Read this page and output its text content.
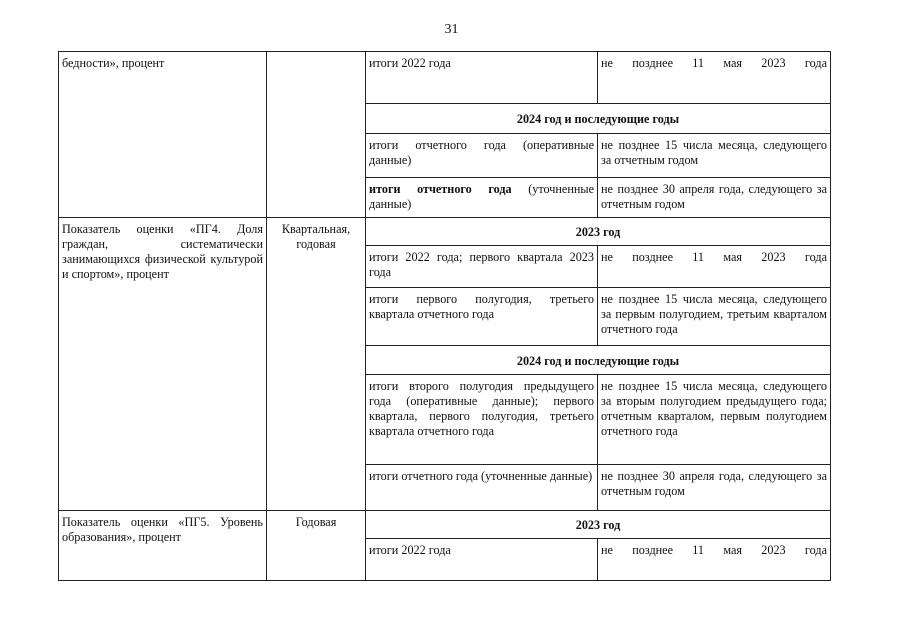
31
бедности», процент		итоги 2022 года	не позднее 11 мая 2023 года
		2024 год и последующие годы	
		итоги отчетного года (оперативные данные)	не позднее 15 числа месяца, следующего за отчетным годом
		итоги отчетного года (уточненные данные)	не позднее 30 апреля года, следующего за отчетным годом
Показатель оценки «ПГ4. Доля граждан, систематически занимающихся физической культурой и спортом», процент	Квартальная, годовая	2023 год	
		итоги 2022 года; первого квартала 2023 года	не позднее 11 мая 2023 года
		итоги первого полугодия, третьего квартала отчетного года	не позднее 15 числа месяца, следующего за первым полугодием, третьим кварталом отчетного года
		2024 год и последующие годы	
		итоги второго полугодия предыдущего года (оперативные данные); первого квартала, первого полугодия, третьего квартала отчетного года	не позднее 15 числа месяца, следующего за вторым полугодием предыдущего года; отчетным кварталом, первым полугодием отчетного года
		итоги отчетного года (уточненные данные)	не позднее 30 апреля года, следующего за отчетным годом
Показатель оценки «ПГ5. Уровень образования», процент	Годовая	2023 год	
		итоги 2022 года	не позднее 11 мая 2023 года
